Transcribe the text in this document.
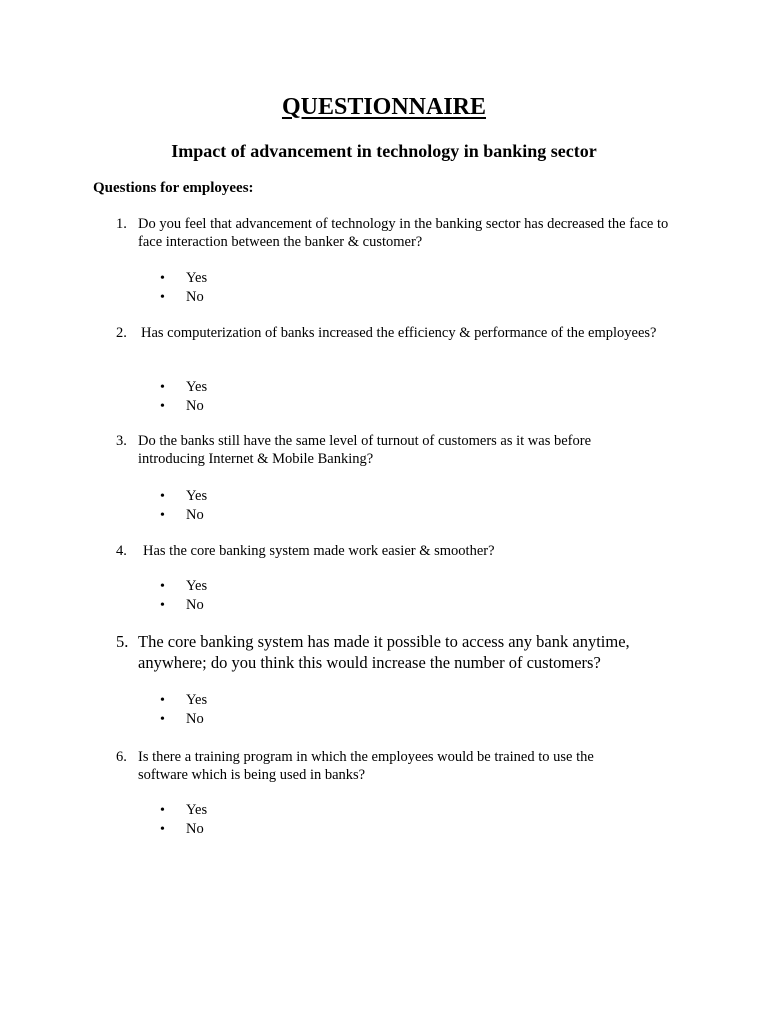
QUESTIONNAIRE
Impact of advancement in technology in banking sector
Questions for employees:
1. Do you feel that advancement of technology in the banking sector has decreased the face to face interaction between the banker & customer?
•	Yes
•	No
2. Has computerization of banks increased the efficiency & performance of the employees?
•	Yes
•	No
3. Do the banks still have the same level of turnout of customers as it was before introducing Internet & Mobile Banking?
•	Yes
•	No
4. Has the core banking system made work easier & smoother?
•	Yes
•	No
5. The core banking system has made it possible to access any bank anytime, anywhere; do you think this would increase the number of customers?
•	Yes
•	No
6. Is there a training program in which the employees would be trained to use the software which is being used in banks?
•	Yes
•	No
